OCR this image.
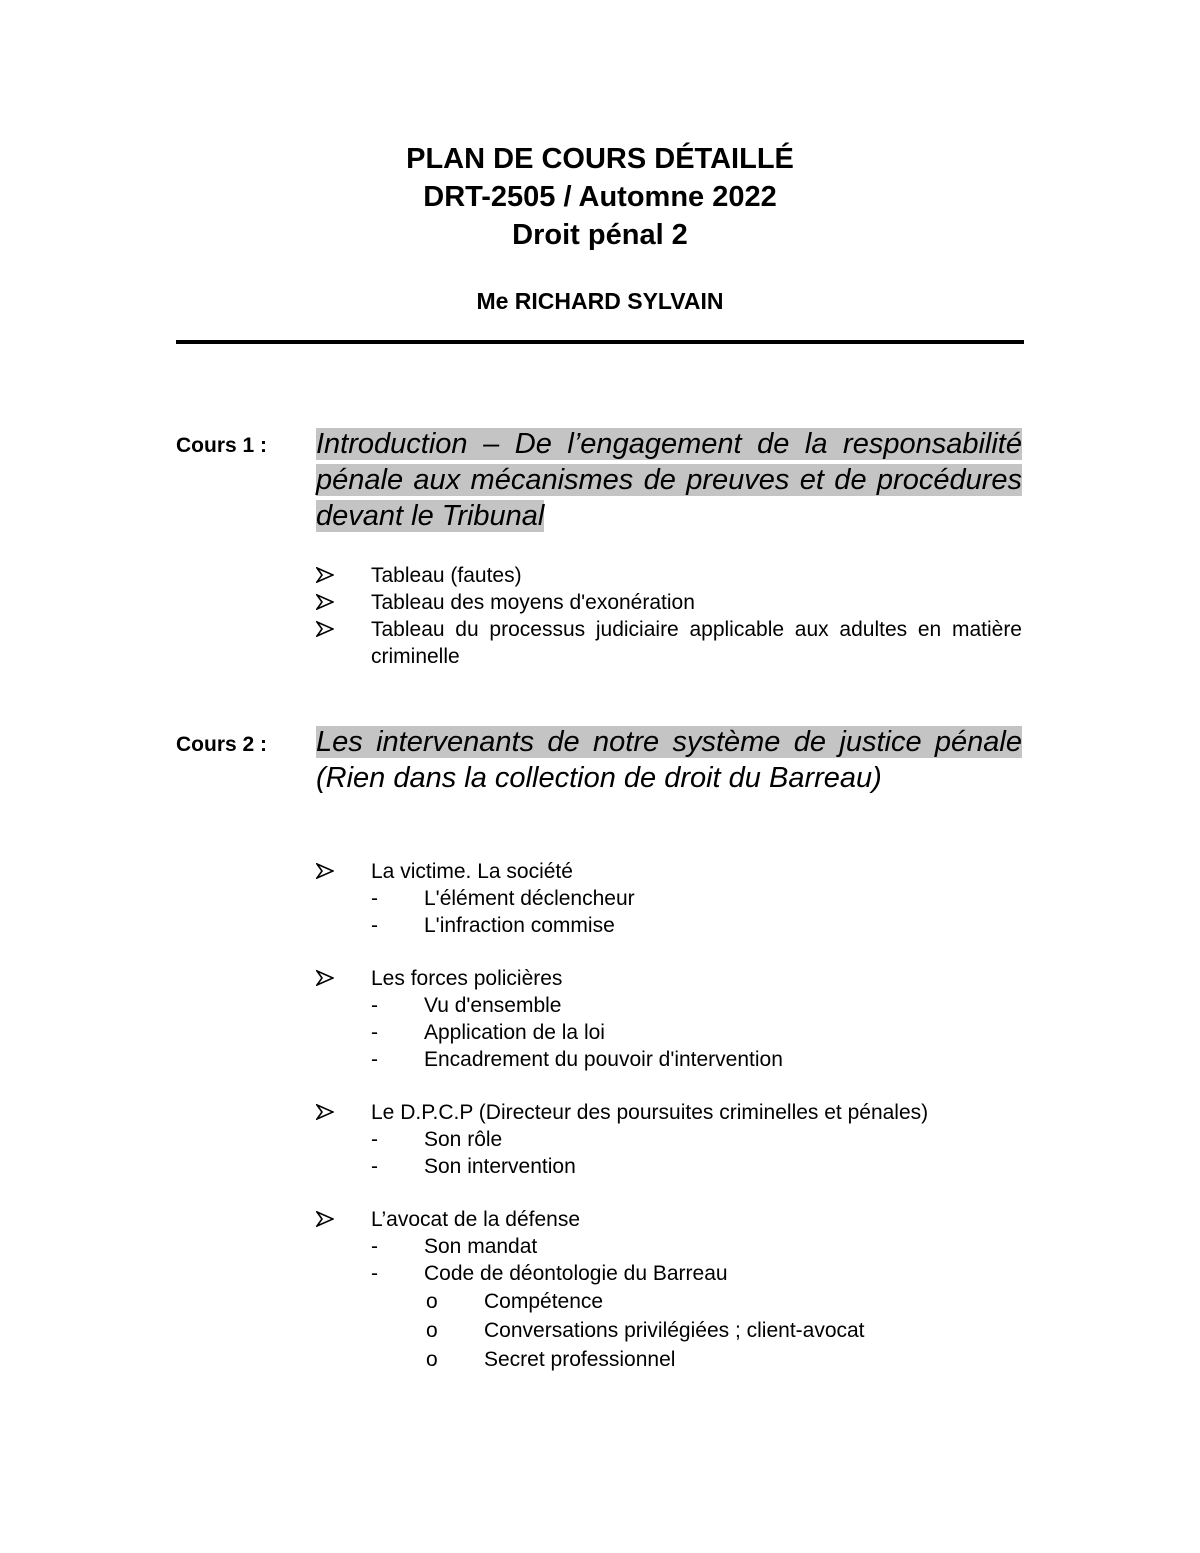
PLAN DE COURS DÉTAILLÉ
DRT-2505 / Automne 2022
Droit pénal 2
Me RICHARD SYLVAIN
Cours 1 : Introduction – De l’engagement de la responsabilité pénale aux mécanismes de preuves et de procédures devant le Tribunal
Tableau (fautes)
Tableau des moyens d'exonération
Tableau du processus judiciaire applicable aux adultes en matière criminelle
Cours 2 : Les intervenants de notre système de justice pénale (Rien dans la collection de droit du Barreau)
La victime. La société
-	L'élément déclencheur
-	L'infraction commise
Les forces policières
-	Vu d'ensemble
-	Application de la loi
-	Encadrement du pouvoir d'intervention
Le D.P.C.P (Directeur des poursuites criminelles et pénales)
-	Son rôle
-	Son intervention
L’avocat de la défense
-	Son mandat
-	Code de déontologie du Barreau
o	Compétence
o	Conversations privilégiées ; client-avocat
o	Secret professionnel
